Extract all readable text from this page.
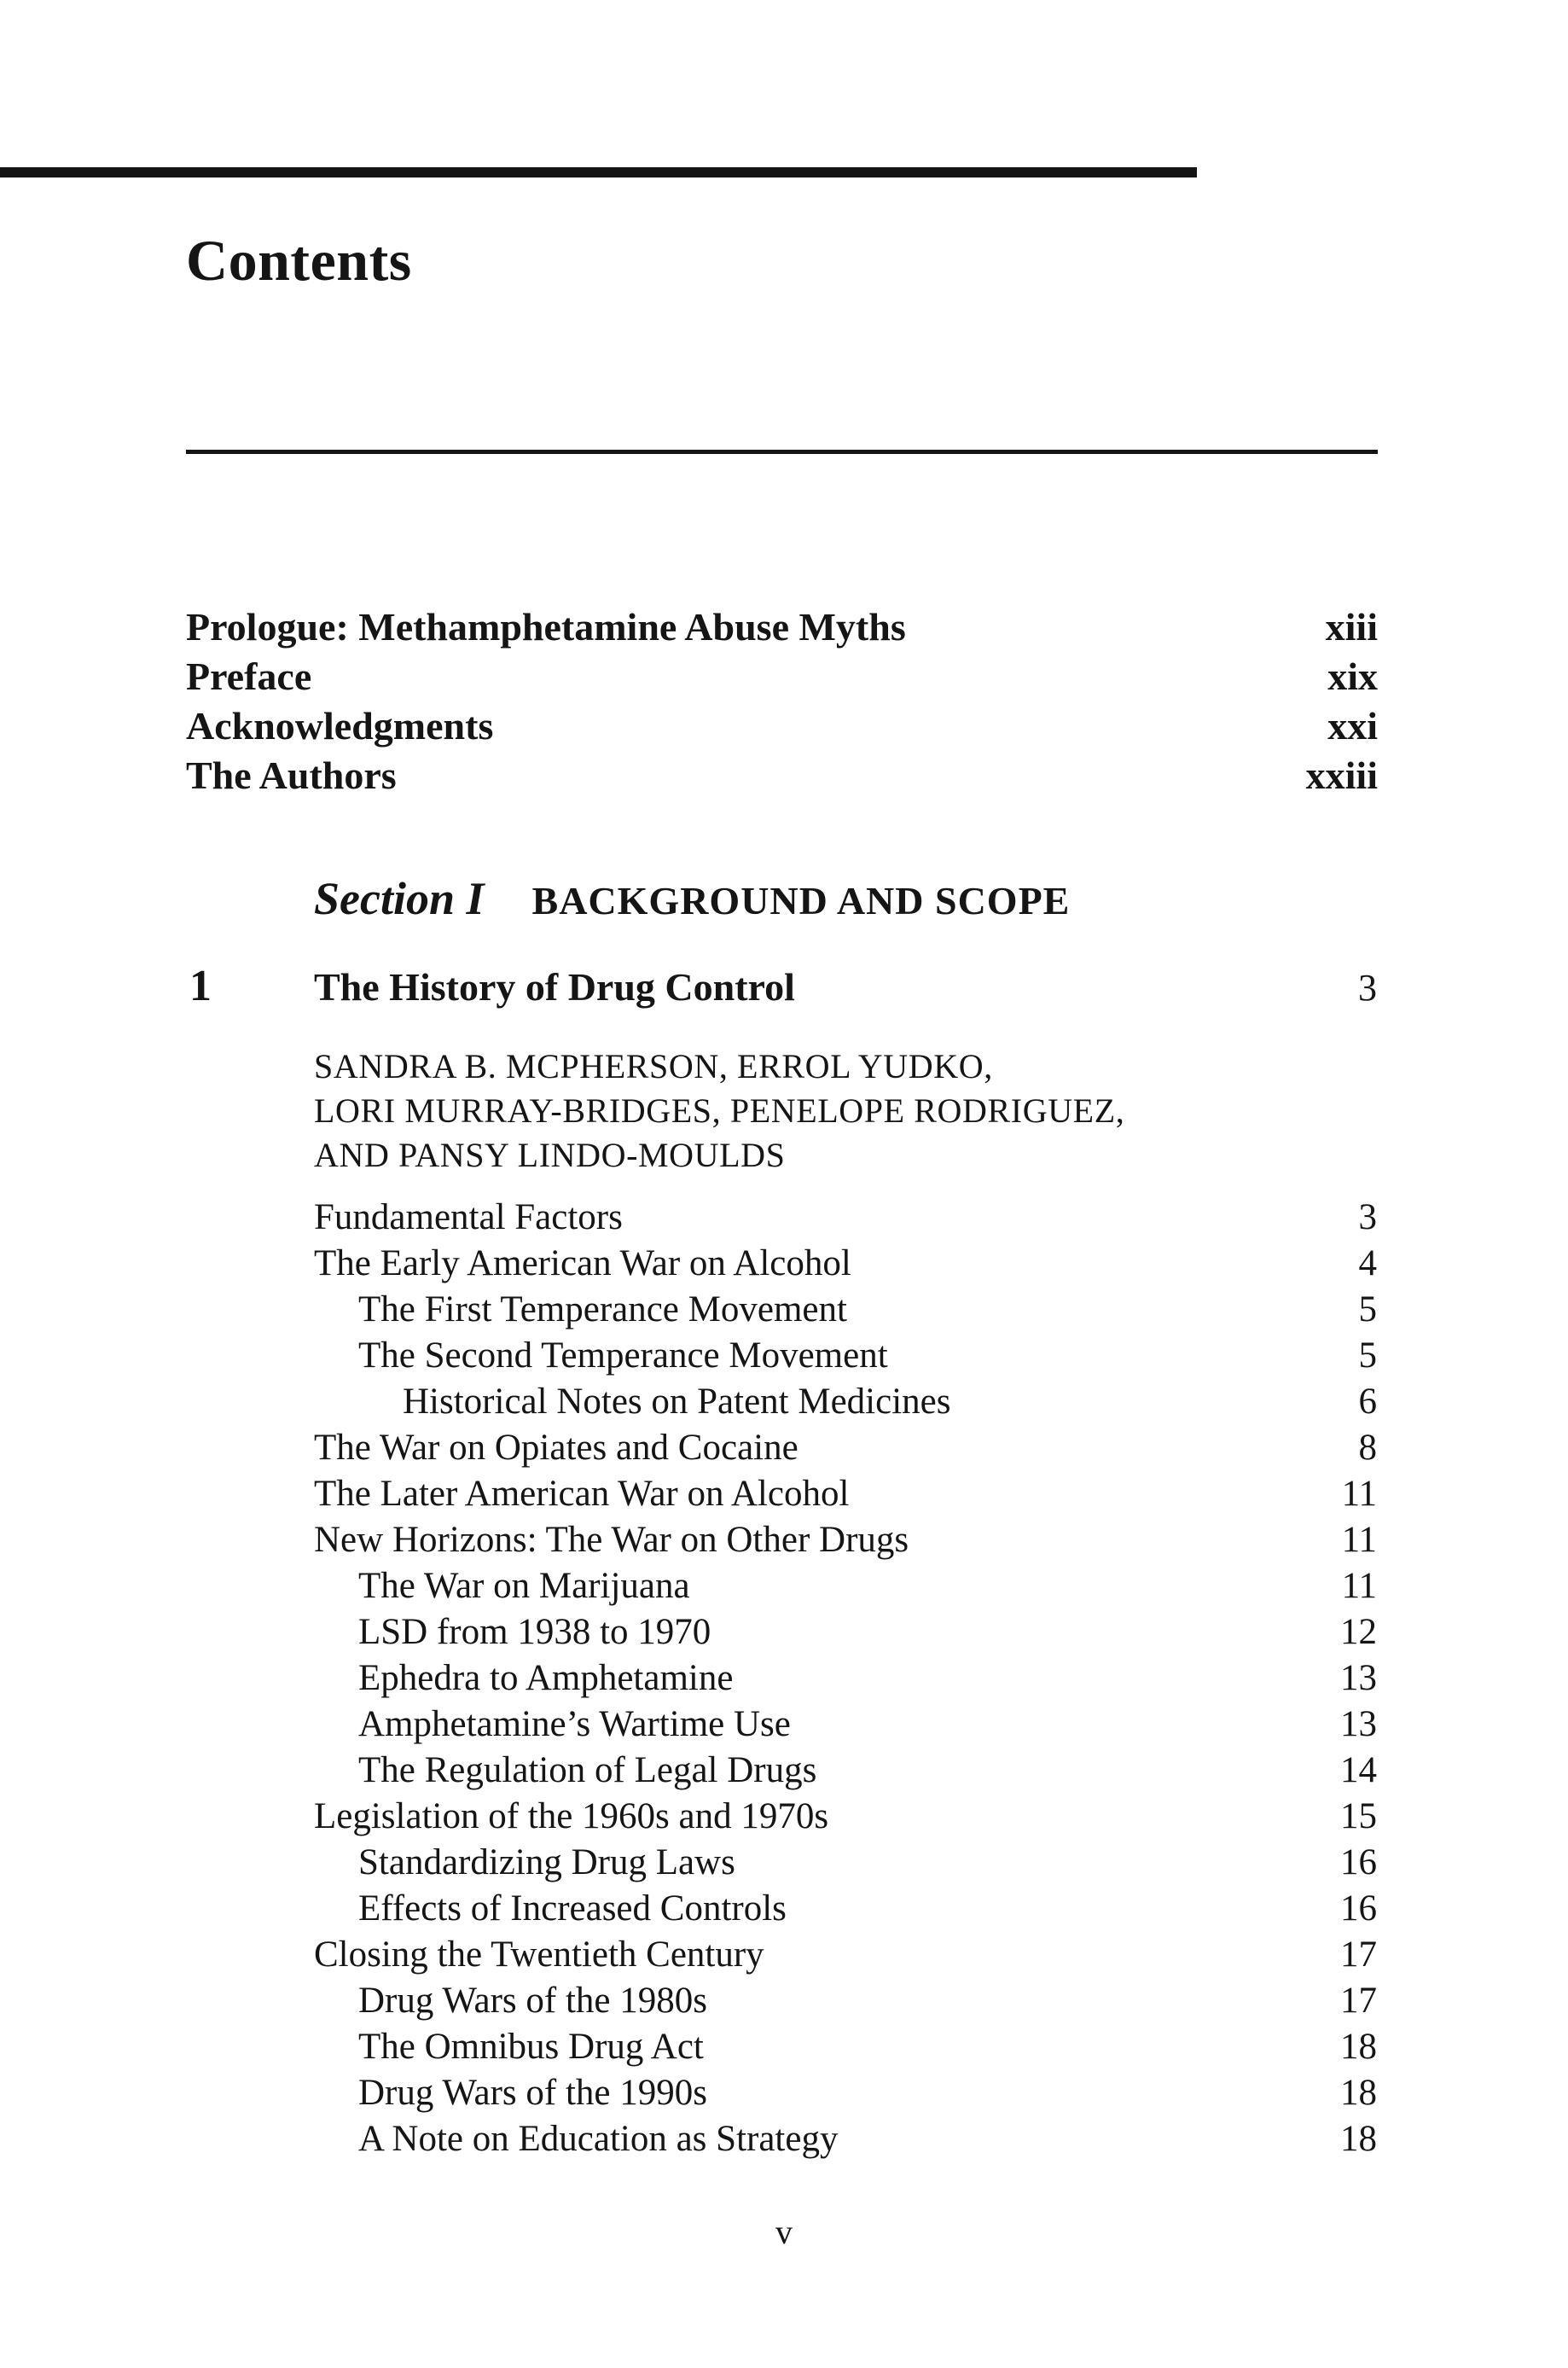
Contents
Prologue: Methamphetamine Abuse Myths	xiii
Preface	xix
Acknowledgments	xxi
The Authors	xxiii
Section I BACKGROUND AND SCOPE
1	The History of Drug Control	3
SANDRA B. MCPHERSON, ERROL YUDKO,
LORI MURRAY-BRIDGES, PENELOPE RODRIGUEZ,
AND PANSY LINDO-MOULDS
Fundamental Factors	3
The Early American War on Alcohol	4
The First Temperance Movement	5
The Second Temperance Movement	5
Historical Notes on Patent Medicines	6
The War on Opiates and Cocaine	8
The Later American War on Alcohol	11
New Horizons: The War on Other Drugs	11
The War on Marijuana	11
LSD from 1938 to 1970	12
Ephedra to Amphetamine	13
Amphetamine’s Wartime Use	13
The Regulation of Legal Drugs	14
Legislation of the 1960s and 1970s	15
Standardizing Drug Laws	16
Effects of Increased Controls	16
Closing the Twentieth Century	17
Drug Wars of the 1980s	17
The Omnibus Drug Act	18
Drug Wars of the 1990s	18
A Note on Education as Strategy	18
v
